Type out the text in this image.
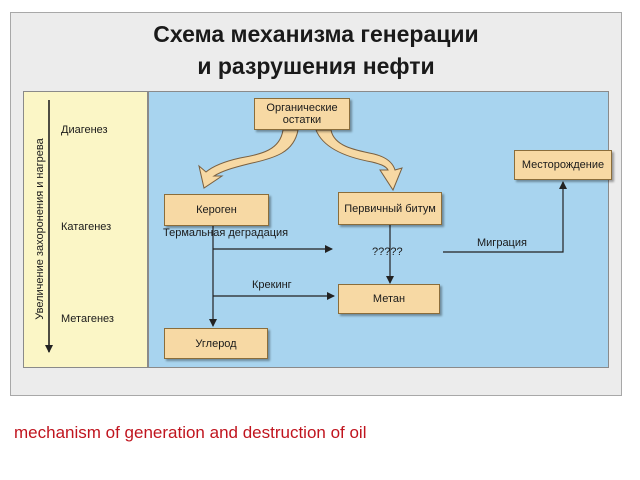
Схема механизма генерации
и разрушения нефти
Увеличение захоронения и нагрева
Диагенез
Катагенез
Метагенез
Органические
остатки
Кероген	Первичный битум
Месторождение
Метан
Углерод
Термальная деградация
?????
Миграция
Крекинг
mechanism of generation and destruction of oil
